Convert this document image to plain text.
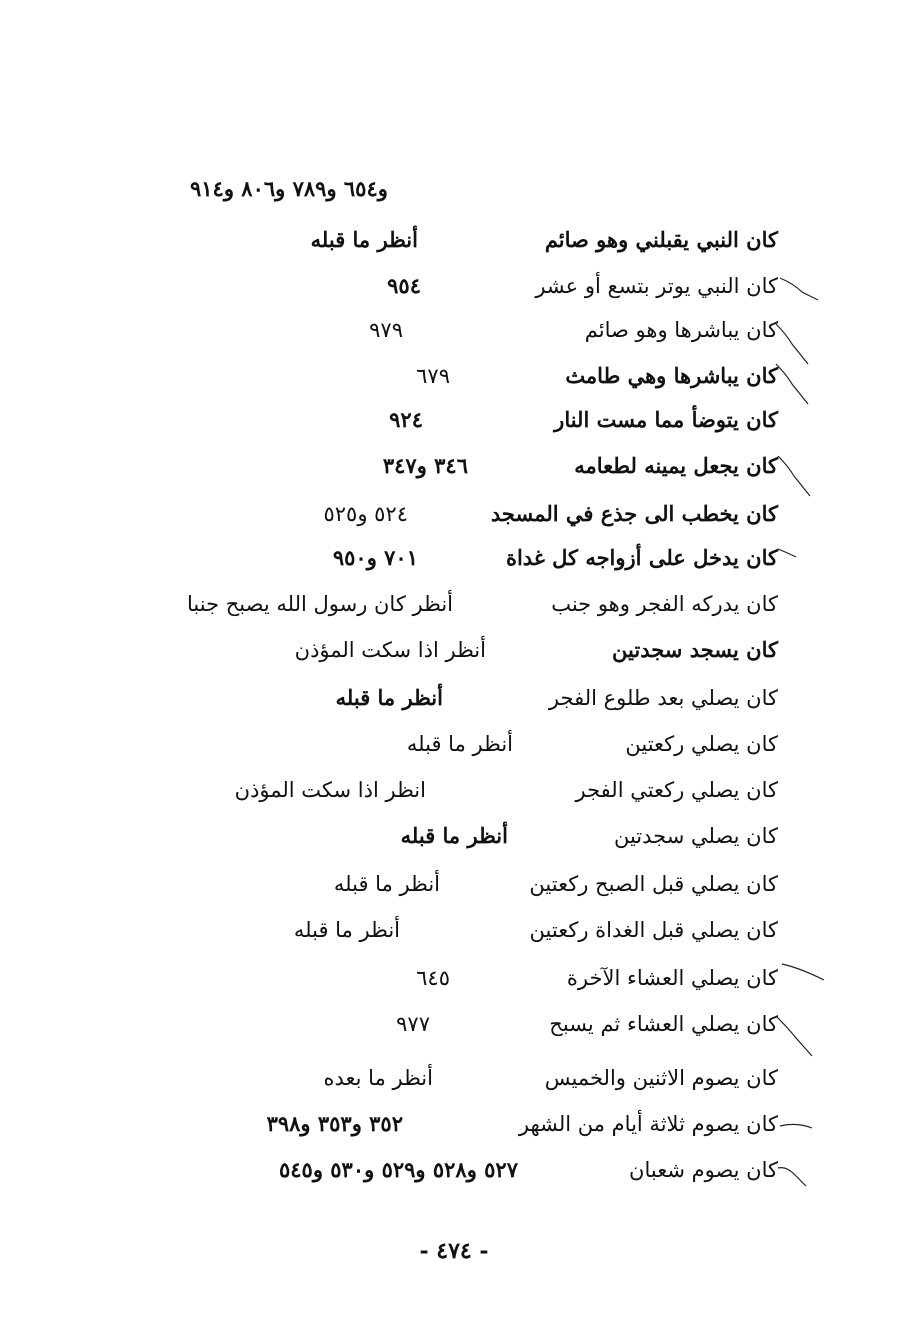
و٦٥٤ و٧٨٩ و٨٠٦ و٩١٤
كان النبي يقبلني وهو صائم
أنظر ما قبله
كان النبي يوتر بتسع أو عشر
٩٥٤
كان يباشرها وهو صائم
٩٧٩
كان يباشرها وهي طامث
٦٧٩
كان يتوضأ مما مست النار
٩٢٤
كان يجعل يمينه لطعامه
٣٤٦ و٣٤٧
كان يخطب الى جذع في المسجد
٥٢٤ و٥٢٥
كان يدخل على أزواجه كل غداة
٧٠١ و٩٥٠
كان يدركه الفجر وهو جنب
أنظر كان رسول الله يصبح جنبا
كان يسجد سجدتين
أنظر اذا سكت المؤذن
كان يصلي بعد طلوع الفجر
أنظر ما قبله
كان يصلي ركعتين
أنظر ما قبله
كان يصلي ركعتي الفجر
انظر اذا سكت المؤذن
كان يصلي سجدتين
أنظر ما قبله
كان يصلي قبل الصبح ركعتين
أنظر ما قبله
كان يصلي قبل الغداة ركعتين
أنظر ما قبله
كان يصلي العشاء الآخرة
٦٤٥
كان يصلي العشاء ثم يسبح
٩٧٧
كان يصوم الاثنين والخميس
أنظر ما بعده
كان يصوم ثلاثة أيام من الشهر
٣٥٢ و٣٥٣ و٣٩٨
كان يصوم شعبان
٥٢٧ و٥٢٨ و٥٢٩ و٥٣٠ و٥٤٥
- ٤٧٤ -
